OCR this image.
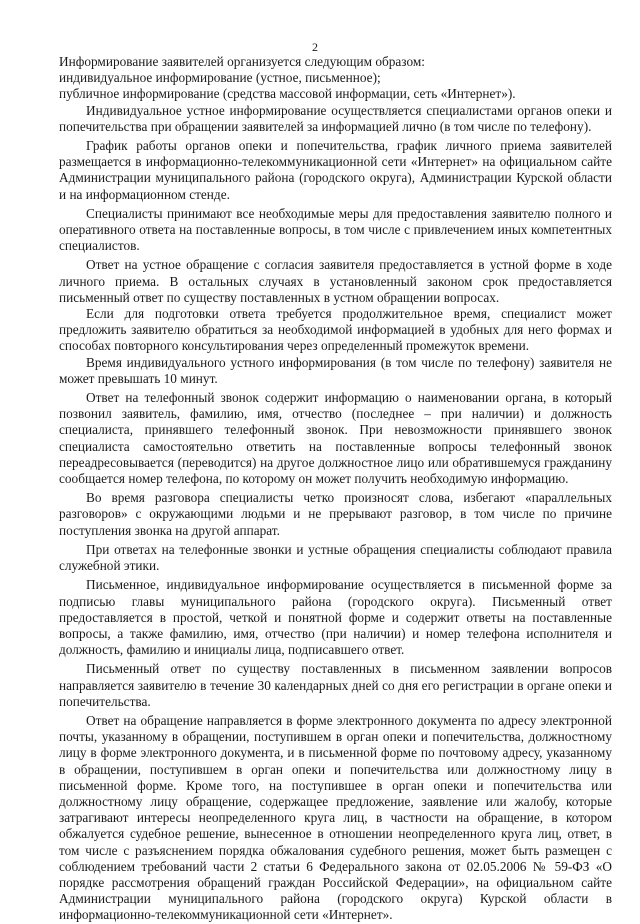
2

Информирование заявителей организуется следующим образом:

индивидуальное информирование (устное, письменное);

публичное информирование (средства массовой информации, сеть «Интернет»).

Индивидуальное устное информирование осуществляется специалистами органов опеки и попечительства при обращении заявителей за информацией лично (в том числе по телефону).

График работы органов опеки и попечительства, график личного приема заявителей размещается в информационно-телекоммуникационной сети «Интернет» на официальном сайте Администрации муниципального района (городского округа), Администрации Курской области и на информационном стенде.

Специалисты принимают все необходимые меры для предоставления заявителю полного и оперативного ответа на поставленные вопросы, в том числе с привлечением иных компетентных специалистов.

Ответ на устное обращение с согласия заявителя предоставляется в устной форме в ходе личного приема. В остальных случаях в установленный законом срок предоставляется письменный ответ по существу поставленных в устном обращении вопросах.

Если для подготовки ответа требуется продолжительное время, специалист может предложить заявителю обратиться за необходимой информацией в удобных для него формах и способах повторного консультирования через определенный промежуток времени.

Время индивидуального устного информирования (в том числе по телефону) заявителя не может превышать 10 минут.

Ответ на телефонный звонок содержит информацию о наименовании органа, в который позвонил заявитель, фамилию, имя, отчество (последнее – при наличии) и должность специалиста, принявшего телефонный звонок. При невозможности принявшего звонок специалиста самостоятельно ответить на поставленные вопросы телефонный звонок переадресовывается (переводится) на другое должностное лицо или обратившемуся гражданину сообщается номер телефона, по которому он может получить необходимую информацию.

Во время разговора специалисты четко произносят слова, избегают «параллельных разговоров» с окружающими людьми и не прерывают разговор, в том числе по причине поступления звонка на другой аппарат.

При ответах на телефонные звонки и устные обращения специалисты соблюдают правила служебной этики.

Письменное, индивидуальное информирование осуществляется в письменной форме за подписью главы муниципального района (городского округа). Письменный ответ предоставляется в простой, четкой и понятной форме и содержит ответы на поставленные вопросы, а также фамилию, имя, отчество (при наличии) и номер телефона исполнителя и должность, фамилию и инициалы лица, подписавшего ответ.

Письменный ответ по существу поставленных в письменном заявлении вопросов направляется заявителю в течение 30 календарных дней со дня его регистрации в органе опеки и попечительства.

Ответ на обращение направляется в форме электронного документа по адресу электронной почты, указанному в обращении, поступившем в орган опеки и попечительства, должностному лицу в форме электронного документа, и в письменной форме по почтовому адресу, указанному в обращении, поступившем в орган опеки и попечительства или должностному лицу в письменной форме. Кроме того, на поступившее в орган опеки и попечительства или должностному лицу обращение, содержащее предложение, заявление или жалобу, которые затрагивают интересы неопределенного круга лиц, в частности на обращение, в котором обжалуется судебное решение, вынесенное в отношении неопределенного круга лиц, ответ, в том числе с разъяснением порядка обжалования судебного решения, может быть размещен с соблюдением требований части 2 статьи 6 Федерального закона от 02.05.2006 № 59-ФЗ «О порядке рассмотрения обращений граждан Российской Федерации», на официальном сайте Администрации муниципального района (городского округа) Курской области в информационно-телекоммуникационной сети «Интернет».
